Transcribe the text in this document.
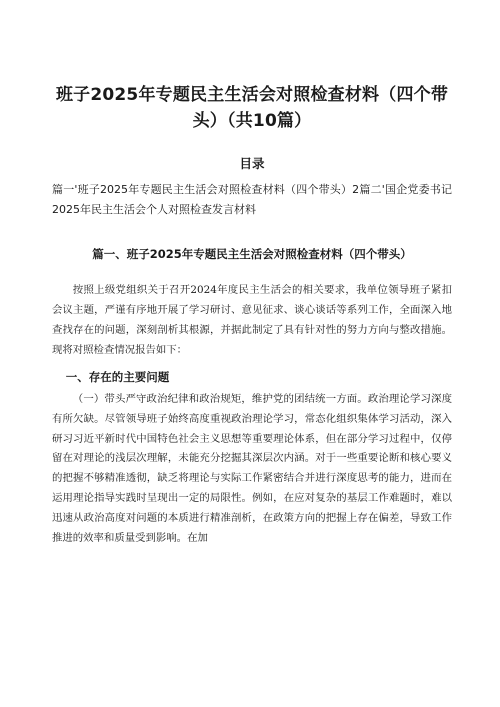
班子2025年专题民主生活会对照检查材料（四个带头）（共10篇）
目录
篇一'班子2025年专题民主生活会对照检查材料（四个带头）2篇二'国企党委书记2025年民主生活会个人对照检查发言材料
篇一、班子2025年专题民主生活会对照检查材料（四个带头）

按照上级党组织关于召开2024年度民主生活会的相关要求，我单位领导班子紧扣会议主题，严谨有序地开展了学习研讨、意见征求、谈心谈话等系列工作，全面深入地查找存在的问题，深刻剖析其根源，并据此制定了具有针对性的努力方向与整改措施。现将对照检查情况报告如下：

一、存在的主要问题

（一）带头严守政治纪律和政治规矩，维护党的团结统一方面。政治理论学习深度有所欠缺。尽管领导班子始终高度重视政治理论学习，常态化组织集体学习活动，深入研习习近平新时代中国特色社会主义思想等重要理论体系，但在部分学习过程中，仅停留在对理论的浅层次理解，未能充分挖掘其深层次内涵。对于一些重要论断和核心要义的把握不够精准透彻，缺乏将理论与实际工作紧密结合并进行深度思考的能力，进而在运用理论指导实践时呈现出一定的局限性。例如，在应对复杂的基层工作难题时，难以迅速从政治高度对问题的本质进行精准剖析，在政策方向的把握上存在偏差，导致工作推进的效率和质量受到影响。在加
